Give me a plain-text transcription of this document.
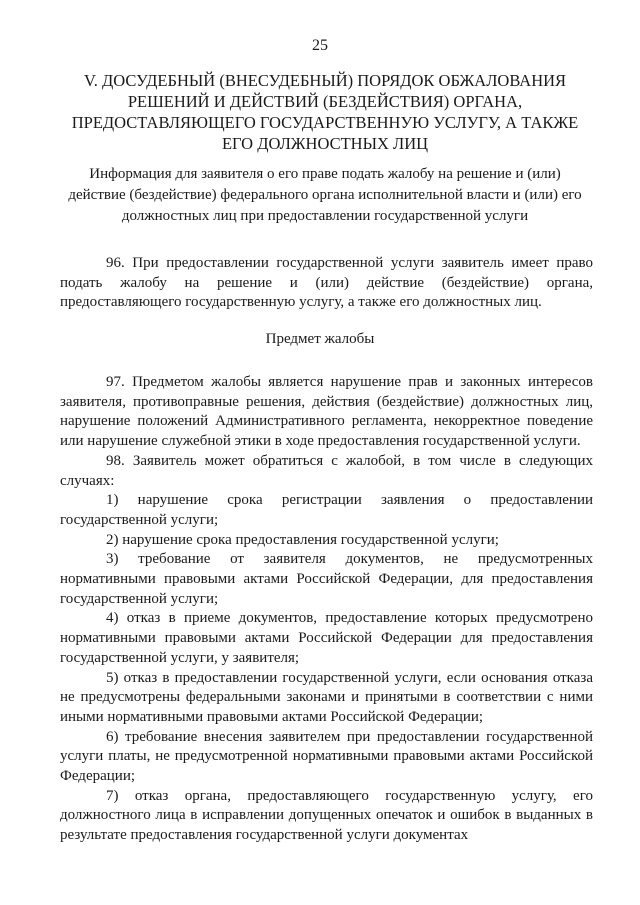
25
V. ДОСУДЕБНЫЙ (ВНЕСУДЕБНЫЙ) ПОРЯДОК ОБЖАЛОВАНИЯ РЕШЕНИЙ И ДЕЙСТВИЙ (БЕЗДЕЙСТВИЯ) ОРГАНА, ПРЕДОСТАВЛЯЮЩЕГО ГОСУДАРСТВЕННУЮ УСЛУГУ, А ТАКЖЕ ЕГО ДОЛЖНОСТНЫХ ЛИЦ
Информация для заявителя о его праве подать жалобу на решение и (или) действие (бездействие) федерального органа исполнительной власти и (или) его должностных лиц при предоставлении государственной услуги

96. При предоставлении государственной услуги заявитель имеет право подать жалобу на решение и (или) действие (бездействие) органа, предоставляющего государственную услугу, а также его должностных лиц.

Предмет жалобы

97. Предметом жалобы является нарушение прав и законных интересов заявителя, противоправные решения, действия (бездействие) должностных лиц, нарушение положений Административного регламента, некорректное поведение или нарушение служебной этики в ходе предоставления государственной услуги.

98. Заявитель может обратиться с жалобой, в том числе в следующих случаях:

1) нарушение срока регистрации заявления о предоставлении государственной услуги;

2) нарушение срока предоставления государственной услуги;

3) требование от заявителя документов, не предусмотренных нормативными правовыми актами Российской Федерации, для предоставления государственной услуги;

4) отказ в приеме документов, предоставление которых предусмотрено нормативными правовыми актами Российской Федерации для предоставления государственной услуги, у заявителя;

5) отказ в предоставлении государственной услуги, если основания отказа не предусмотрены федеральными законами и принятыми в соответствии с ними иными нормативными правовыми актами Российской Федерации;

6) требование внесения заявителем при предоставлении государственной услуги платы, не предусмотренной нормативными правовыми актами Российской Федерации;

7) отказ органа, предоставляющего государственную услугу, его должностного лица в исправлении допущенных опечаток и ошибок в выданных в результате предоставления государственной услуги документах
